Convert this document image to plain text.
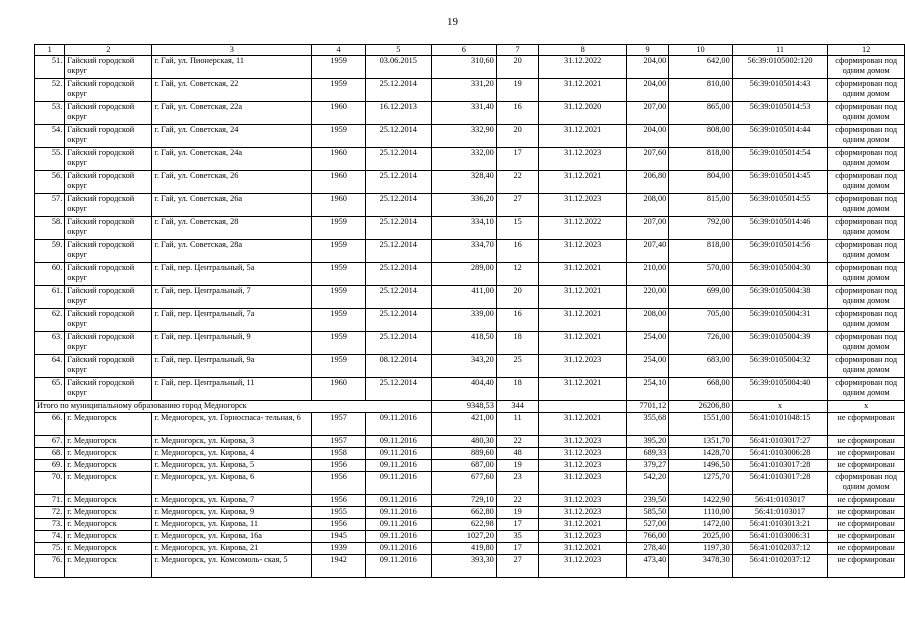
19
1	2	3	4	5	6	7	8	9	10	11	12
51.	Гайский городской округ	г. Гай, ул. Пионерская, 11	1959	03.06.2015	310,60	20	31.12.2022	204,00	642,00	56:39:0105002:120	сформирован под одним домом
52.	Гайский городской округ	г. Гай, ул. Советская, 22	1959	25.12.2014	331,20	19	31.12.2021	204,00	810,00	56:39:0105014:43	сформирован под одним домом
53.	Гайский городской округ	г. Гай, ул. Советская, 22а	1960	16.12.2013	331,40	16	31.12.2020	207,00	865,00	56:39:0105014:53	сформирован под одним домом
54.	Гайский городской округ	г. Гай, ул. Советская, 24	1959	25.12.2014	332,90	20	31.12.2021	204,00	808,00	56:39:0105014:44	сформирован под одним домом
55.	Гайский городской округ	г. Гай, ул. Советская, 24а	1960	25.12.2014	332,00	17	31.12.2023	207,60	818,00	56:39:0105014:54	сформирован под одним домом
56.	Гайский городской округ	г. Гай, ул. Советская, 26	1960	25.12.2014	328,40	22	31.12.2021	206,80	804,00	56:39:0105014:45	сформирован под одним домом
57.	Гайский городской округ	г. Гай, ул. Советская, 26а	1960	25.12.2014	336,20	27	31.12.2023	208,00	815,00	56:39:0105014:55	сформирован под одним домом
58.	Гайский городской округ	г. Гай, ул. Советская, 28	1959	25.12.2014	334,10	15	31.12.2022	207,00	792,00	56:39:0105014:46	сформирован под одним домом
59.	Гайский городской округ	г. Гай, ул. Советская, 28а	1959	25.12.2014	334,70	16	31.12.2023	207,40	818,00	56:39:0105014:56	сформирован под одним домом
60.	Гайский городской округ	г. Гай, пер. Центральный, 5а	1959	25.12.2014	289,00	12	31.12.2021	210,00	570,00	56:39:0105004:30	сформирован под одним домом
61.	Гайский городской округ	г. Гай, пер. Центральный, 7	1959	25.12.2014	411,00	20	31.12.2021	220,00	699,00	56:39:0105004:38	сформирован под одним домом
62.	Гайский городской округ	г. Гай, пер. Центральный, 7а	1959	25.12.2014	339,00	16	31.12.2021	208,00	705,00	56:39:0105004:31	сформирован под одним домом
63.	Гайский городской округ	г. Гай, пер. Центральный, 9	1959	25.12.2014	418,50	18	31.12.2021	254,00	726,00	56:39:0105004:39	сформирован под одним домом
64.	Гайский городской округ	г. Гай, пер. Центральный, 9а	1959	08.12.2014	343,20	25	31.12.2023	254,00	683,00	56:39:0105004:32	сформирован под одним домом
65.	Гайский городской округ	г. Гай, пер. Центральный, 11	1960	25.12.2014	404,40	18	31.12.2021	254,10	668,00	56:39:0105004:40	сформирован под одним домом
Итого по муниципальному образованию город Медногорск					9348,53	344		7701,12	26206,80	х	х
66.	г. Медногорск	г. Медногорск, ул. Горноспаса- тельная, 6	1957	09.11.2016	421,00	11	31.12.2021	355,68	1551,00	56:41:0101048:15	не сформирован
67.	г. Медногорск	г. Медногорск, ул. Кирова, 3	1957	09.11.2016	480,30	22	31.12.2023	395,20	1351,70	56:41:0103017:27	не сформирован
68.	г. Медногорск	г. Медногорск, ул. Кирова, 4	1958	09.11.2016	889,60	48	31.12.2023	689,33	1428,70	56:41:0103006:28	не сформирован
69.	г. Медногорск	г. Медногорск, ул. Кирова, 5	1956	09.11.2016	687,00	19	31.12.2023	379,27	1496,50	56:41:0103017:28	не сформирован
70.	г. Медногорск	г. Медногорск, ул. Кирова, 6	1956	09.11.2016	677,60	23	31.12.2023	542,20	1275,70	56:41:0103017:28	сформирован под одним домом
71.	г. Медногорск	г. Медногорск, ул. Кирова, 7	1956	09.11.2016	729,10	22	31.12.2023	239,50	1422,90	56:41:0103017	не сформирован
72.	г. Медногорск	г. Медногорск, ул. Кирова, 9	1955	09.11.2016	662,80	19	31.12.2023	585,50	1110,00	56:41:0103017	не сформирован
73.	г. Медногорск	г. Медногорск, ул. Кирова, 11	1956	09.11.2016	622,98	17	31.12.2021	527,00	1472,00	56:41:0103013:21	не сформирован
74.	г. Медногорск	г. Медногорск, ул. Кирова, 16а	1945	09.11.2016	1027,20	35	31.12.2023	766,00	2025,00	56:41:0103006:31	не сформирован
75.	г. Медногорск	г. Медногорск, ул. Кирова, 21	1939	09.11.2016	419,80	17	31.12.2021	278,40	1197,30	56:41:0102037:12	не сформирован
76.	г. Медногорск	г. Медногорск, ул. Комсомоль- ская, 5	1942	09.11.2016	393,30	27	31.12.2023	473,40	3478,30	56:41:0102037:12	не сформирован
